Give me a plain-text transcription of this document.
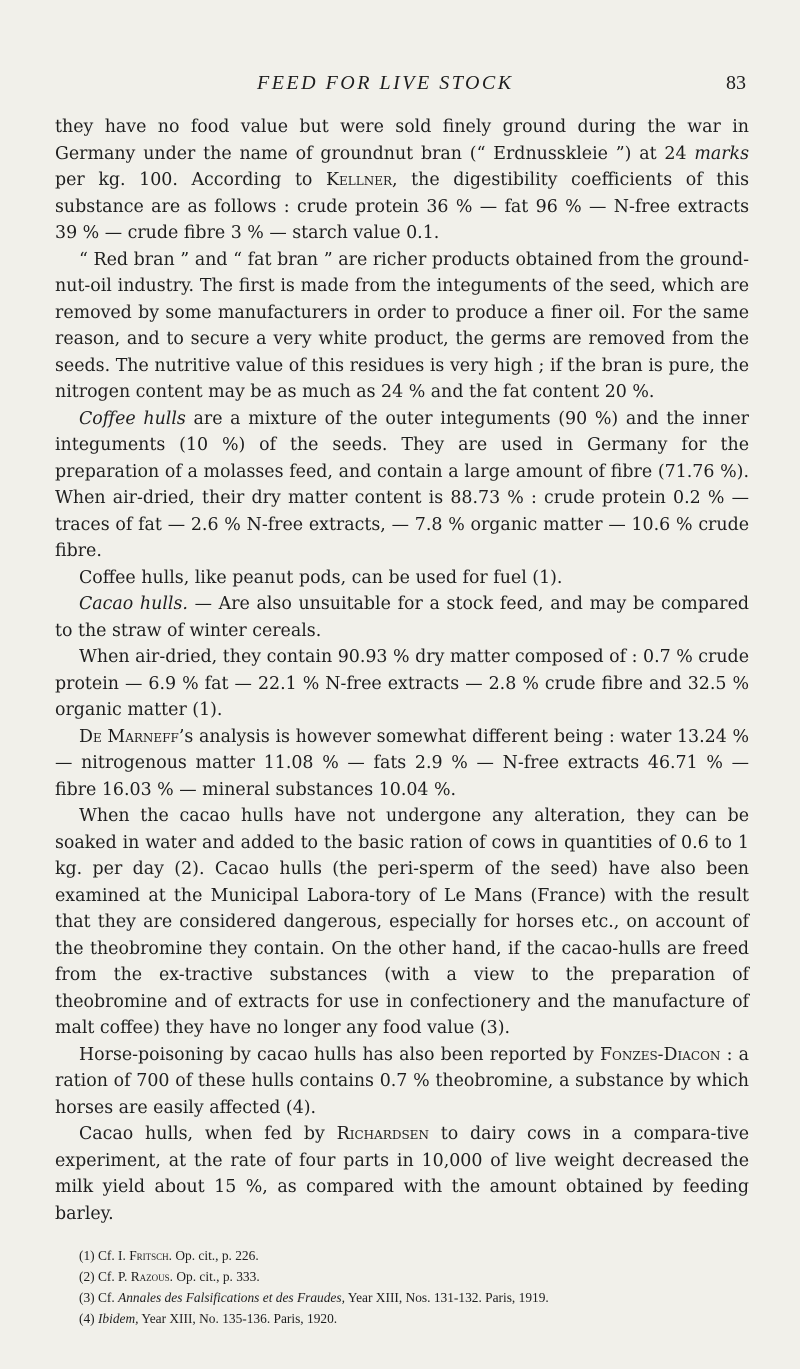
FEED FOR LIVE STOCK	83

they have no food value but were sold finely ground during the war in Germany under the name of groundnut bran (“ Erdnusskleie ”) at 24 marks per kg. 100. According to Kellner, the digestibility coefficients of this substance are as follows : crude protein 36 % — fat 96 % — N-free extracts 39 % — crude fibre 3 % — starch value 0.1.

“ Red bran ” and “ fat bran ” are richer products obtained from the ground-nut-oil industry. The first is made from the integuments of the seed, which are removed by some manufacturers in order to produce a finer oil. For the same reason, and to secure a very white product, the germs are removed from the seeds. The nutritive value of this residues is very high ; if the bran is pure, the nitrogen content may be as much as 24 % and the fat content 20 %.

Coffee hulls are a mixture of the outer integuments (90 %) and the inner integuments (10 %) of the seeds. They are used in Germany for the preparation of a molasses feed, and contain a large amount of fibre (71.76 %). When air-dried, their dry matter content is 88.73 % : crude protein 0.2 % — traces of fat — 2.6 % N-free extracts, — 7.8 % organic matter — 10.6 % crude fibre.

Coffee hulls, like peanut pods, can be used for fuel (1).

Cacao hulls. — Are also unsuitable for a stock feed, and may be compared to the straw of winter cereals.

When air-dried, they contain 90.93 % dry matter composed of : 0.7 % crude protein — 6.9 % fat — 22.1 % N-free extracts — 2.8 % crude fibre and 32.5 % organic matter (1).

De Marneff’s analysis is however somewhat different being : water 13.24 % — nitrogenous matter 11.08 % — fats 2.9 % — N-free extracts 46.71 % — fibre 16.03 % — mineral substances 10.04 %.

When the cacao hulls have not undergone any alteration, they can be soaked in water and added to the basic ration of cows in quantities of 0.6 to 1 kg. per day (2). Cacao hulls (the peri-sperm of the seed) have also been examined at the Municipal Labora-tory of Le Mans (France) with the result that they are considered dangerous, especially for horses etc., on account of the theobromine they contain. On the other hand, if the cacao-hulls are freed from the ex-tractive substances (with a view to the preparation of theobromine and of extracts for use in confectionery and the manufacture of malt coffee) they have no longer any food value (3).

Horse-poisoning by cacao hulls has also been reported by Fonzes-Diacon : a ration of 700 of these hulls contains 0.7 % theobromine, a substance by which horses are easily affected (4).

Cacao hulls, when fed by Richardsen to dairy cows in a compara-tive experiment, at the rate of four parts in 10,000 of live weight decreased the milk yield about 15 %, as compared with the amount obtained by feeding barley.

(1) Cf. I. Fritsch. Op. cit., p. 226.
(2) Cf. P. Razous. Op. cit., p. 333.
(3) Cf. Annales des Falsifications et des Fraudes, Year XIII, Nos. 131-132. Paris, 1919.
(4) Ibidem, Year XIII, No. 135-136. Paris, 1920.
